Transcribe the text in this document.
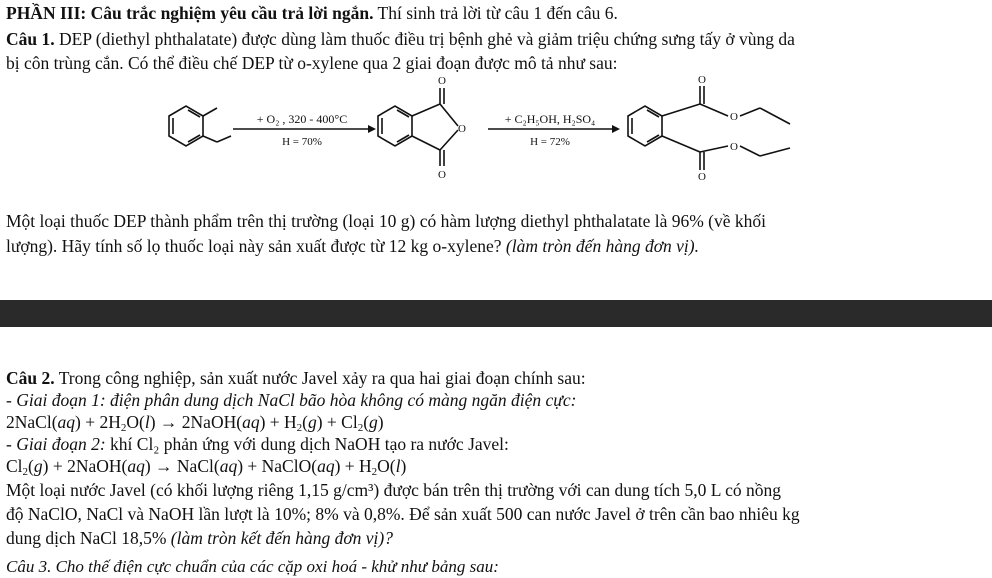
PHẦN III: Câu trắc nghiệm yêu cầu trả lời ngắn. Thí sinh trả lời từ câu 1 đến câu 6.
Câu 1. DEP (diethyl phthalatate) được dùng làm thuốc điều trị bệnh ghẻ và giảm triệu chứng sưng tấy ở vùng da
bị côn trùng cắn. Có thể điều chế DEP từ o-xylene qua 2 giai đoạn được mô tả như sau:
O
O
O
O
O
O
O
+ O₂ , 320 - 400°C
H = 70%
+ C₂H₅OH, H₂SO₄
H = 72%
Một loại thuốc DEP thành phẩm trên thị trường (loại 10 g) có hàm lượng diethyl phthalatate là 96% (về khối
lượng). Hãy tính số lọ thuốc loại này sản xuất được từ 12 kg o-xylene? (làm tròn đến hàng đơn vị).
Câu 2. Trong công nghiệp, sản xuất nước Javel xảy ra qua hai giai đoạn chính sau:
- Giai đoạn 1: điện phân dung dịch NaCl bão hòa không có màng ngăn điện cực:
2NaCl(aq) + $2H_2O(l)$ → 2NaOH(aq) + $H_2(g) + Cl_2(g)$
- Giai đoạn 2: khí Cl₂ phản ứng với dung dịch NaOH tạo ra nước Javel:
$Cl_2(g)$ + 2NaOH(aq) → NaCl(aq) + NaClO(aq) + $H_2O(l)$
Một loại nước Javel (có khối lượng riêng 1,15 g/cm³) được bán trên thị trường với can dung tích 5,0 L có nồng
độ NaClO, NaCl và NaOH lần lượt là 10%; 8% và 0,8%. Để sản xuất 500 can nước Javel ở trên cần bao nhiêu kg
dung dịch NaCl 18,5% (làm tròn kết đến hàng đơn vị)?
Câu 3. Cho thế điện cực chuẩn của các cặp oxi hoá - khử như bảng sau:
